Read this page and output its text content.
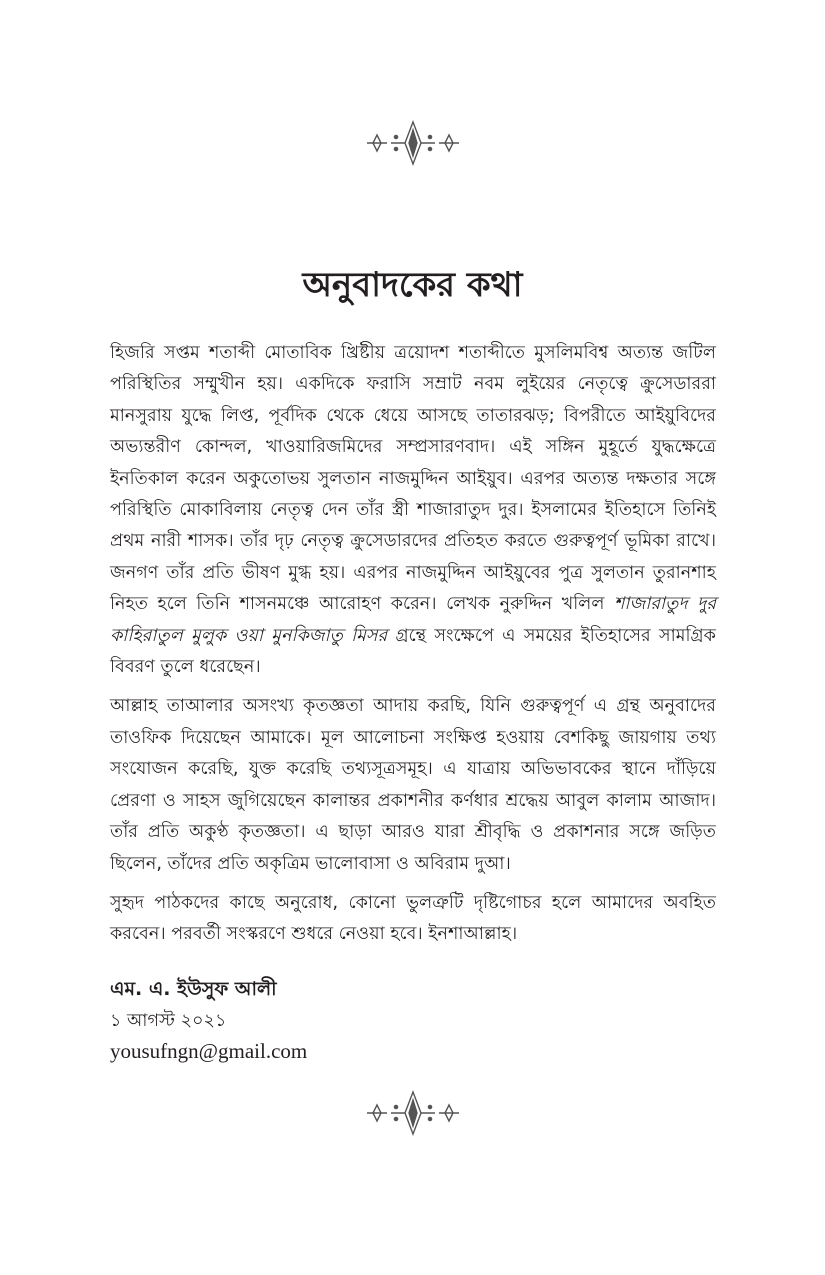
অনুবাদকের কথা

হিজরি সপ্তম শতাব্দী মোতাবিক খ্রিষ্টীয় ত্রয়োদশ শতাব্দীতে মুসলিমবিশ্ব অত্যন্ত জটিল পরিস্থিতির সম্মুখীন হয়। একদিকে ফরাসি সম্রাট নবম লুইয়ের নেতৃত্বে ক্রুসেডাররা মানসুরায় যুদ্ধে লিপ্ত, পূর্বদিক থেকে ধেয়ে আসছে তাতারঝড়; বিপরীতে আইয়ুবিদের অভ্যন্তরীণ কোন্দল, খাওয়ারিজমিদের সম্প্রসারণবাদ। এই সঙ্গিন মুহূর্তে যুদ্ধক্ষেত্রে ইনতিকাল করেন অকুতোভয় সুলতান নাজমুদ্দিন আইয়ুব। এরপর অত্যন্ত দক্ষতার সঙ্গে পরিস্থিতি মোকাবিলায় নেতৃত্ব দেন তাঁর স্ত্রী শাজারাতুদ দুর। ইসলামের ইতিহাসে তিনিই প্রথম নারী শাসক। তাঁর দৃঢ় নেতৃত্ব ক্রুসেডারদের প্রতিহত করতে গুরুত্বপূর্ণ ভূমিকা রাখে। জনগণ তাঁর প্রতি ভীষণ মুগ্ধ হয়। এরপর নাজমুদ্দিন আইয়ুবের পুত্র সুলতান তুরানশাহ নিহত হলে তিনি শাসনমঞ্চে আরোহণ করেন। লেখক নুরুদ্দিন খলিল শাজারাতুদ দুর কাহিরাতুল মুলুক ওয়া মুনকিজাতু মিসর গ্রন্থে সংক্ষেপে এ সময়ের ইতিহাসের সামগ্রিক বিবরণ তুলে ধরেছেন।

আল্লাহ তাআলার অসংখ্য কৃতজ্ঞতা আদায় করছি, যিনি গুরুত্বপূর্ণ এ গ্রন্থ অনুবাদের তাওফিক দিয়েছেন আমাকে। মূল আলোচনা সংক্ষিপ্ত হওয়ায় বেশকিছু জায়গায় তথ্য সংযোজন করেছি, যুক্ত করেছি তথ্যসূত্রসমূহ। এ যাত্রায় অভিভাবকের স্থানে দাঁড়িয়ে প্রেরণা ও সাহস জুগিয়েছেন কালান্তর প্রকাশনীর কর্ণধার শ্রদ্ধেয় আবুল কালাম আজাদ। তাঁর প্রতি অকুণ্ঠ কৃতজ্ঞতা। এ ছাড়া আরও যারা শ্রীবৃদ্ধি ও প্রকাশনার সঙ্গে জড়িত ছিলেন, তাঁদের প্রতি অকৃত্রিম ভালোবাসা ও অবিরাম দুআ।

সুহৃদ পাঠকদের কাছে অনুরোধ, কোনো ভুলত্রুটি দৃষ্টিগোচর হলে আমাদের অবহিত করবেন। পরবর্তী সংস্করণে শুধরে নেওয়া হবে। ইনশাআল্লাহ।

এম. এ. ইউসুফ আলী
১ আগস্ট ২০২১
yousufngn@gmail.com
